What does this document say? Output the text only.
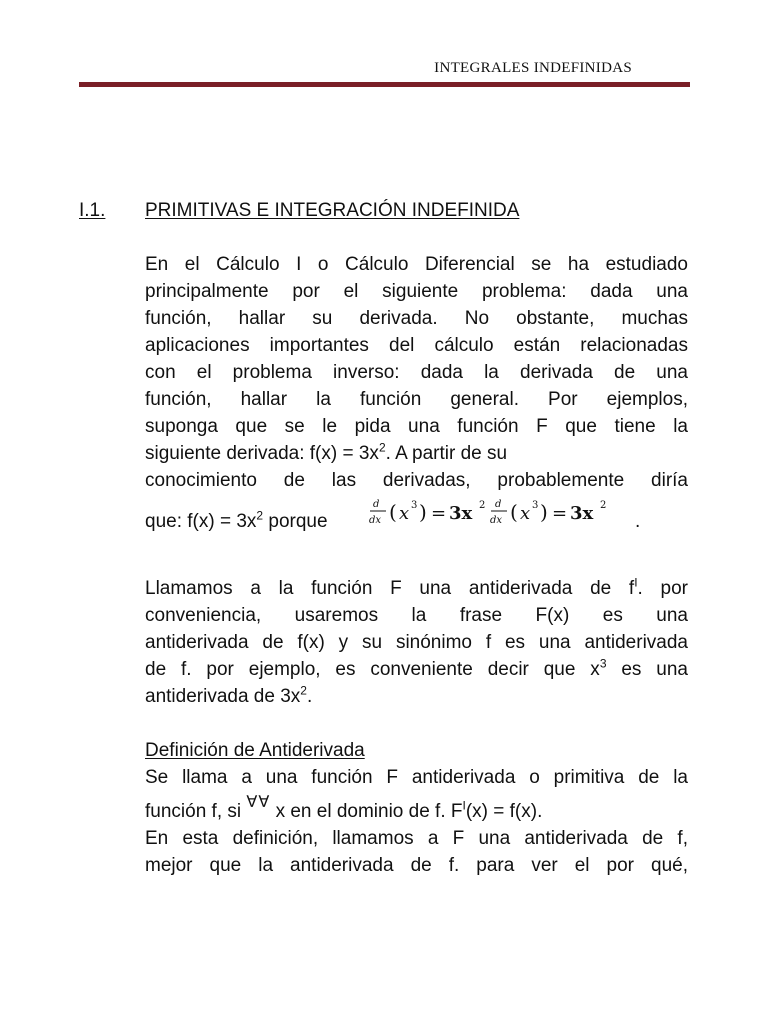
INTEGRALES INDEFINIDAS
I.1. PRIMITIVAS E INTEGRACIÓN INDEFINIDA
En el Cálculo I o Cálculo Diferencial se ha estudiado
principalmente por el siguiente problema: dada una
función, hallar su derivada. No obstante, muchas
aplicaciones importantes del cálculo están relacionadas
con el problema inverso: dada la derivada de una
función, hallar la función general. Por ejemplos,
suponga que se le pida una función F que tiene la
siguiente derivada: $f(x) = 3x^2$. A partir de su
conocimiento de las derivadas, probablemente diría
que: $f(x) = 3x^2$ porque
d
dx ( x 3 ) = 3x 2 d
dx ( x 3 ) = 3x 2
.
Llamamos a la función F una antiderivada de $f^I$. por
conveniencia, usaremos la frase F(x) es una
antiderivada de f(x) y su sinónimo f es una antiderivada
de f. por ejemplo, es conveniente decir que $x^3$ es una
antiderivada de $3x^2$.
Definición de Antiderivada
Se llama a una función F antiderivada o primitiva de la
función f, si ∀∀ x en el dominio de f. $F^I(x) = f(x)$.
En esta definición, llamamos a F una antiderivada de f,
mejor que la antiderivada de f. para ver el por qué,
